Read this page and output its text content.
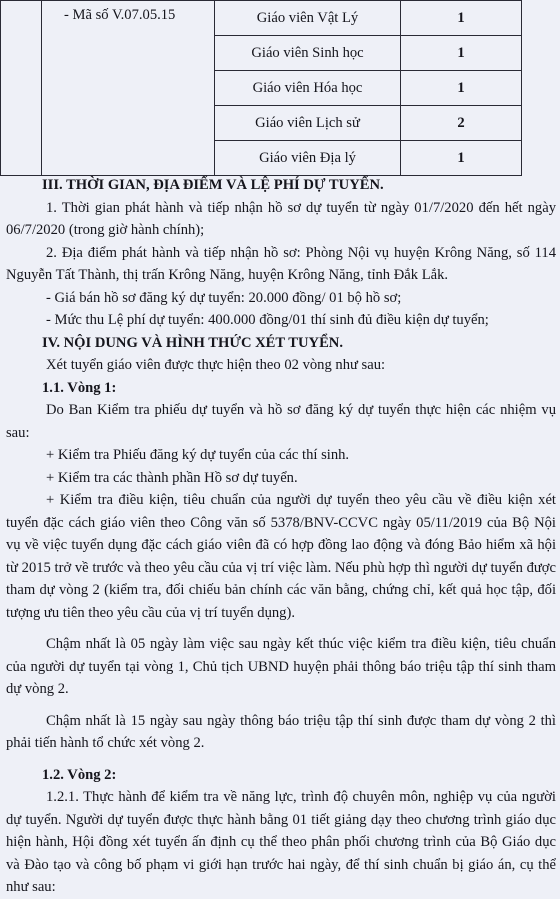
	- Mã số V.07.05.15	Giáo viên Vật Lý	1
		Giáo viên Sinh học	1
		Giáo viên Hóa học	1
		Giáo viên Lịch sử	2
		Giáo viên Địa lý	1

III. THỜI GIAN, ĐỊA ĐIỂM VÀ LỆ PHÍ DỰ TUYỂN.

1. Thời gian phát hành và tiếp nhận hồ sơ dự tuyển từ ngày 01/7/2020 đến hết ngày 06/7/2020 (trong giờ hành chính);

2. Địa điểm phát hành và tiếp nhận hồ sơ: Phòng Nội vụ huyện Krông Năng, số 114 Nguyễn Tất Thành, thị trấn Krông Năng, huyện Krông Năng, tỉnh Đắk Lắk.

- Giá bán hồ sơ đăng ký dự tuyển: 20.000 đồng/ 01 bộ hồ sơ;

- Mức thu Lệ phí dự tuyển: 400.000 đồng/01 thí sinh đủ điều kiện dự tuyển;

IV. NỘI DUNG VÀ HÌNH THỨC XÉT TUYỂN.

Xét tuyển giáo viên được thực hiện theo 02 vòng như sau:

1.1. Vòng 1:

Do Ban Kiểm tra phiếu dự tuyển và hồ sơ đăng ký dự tuyển thực hiện các nhiệm vụ sau:

+ Kiểm tra Phiếu đăng ký dự tuyển của các thí sinh.

+ Kiểm tra các thành phần Hồ sơ dự tuyển.

+ Kiểm tra điều kiện, tiêu chuẩn của người dự tuyển theo yêu cầu về điều kiện xét tuyển đặc cách giáo viên theo Công văn số 5378/BNV-CCVC ngày 05/11/2019 của Bộ Nội vụ về việc tuyển dụng đặc cách giáo viên đã có hợp đồng lao động và đóng Bảo hiểm xã hội từ 2015 trở về trước và theo yêu cầu của vị trí việc làm. Nếu phù hợp thì người dự tuyển được tham dự vòng 2 (kiểm tra, đối chiếu bản chính các văn bằng, chứng chỉ, kết quả học tập, đối tượng ưu tiên theo yêu cầu của vị trí tuyển dụng).

Chậm nhất là 05 ngày làm việc sau ngày kết thúc việc kiểm tra điều kiện, tiêu chuẩn của người dự tuyển tại vòng 1, Chủ tịch UBND huyện phải thông báo triệu tập thí sinh tham dự vòng 2.

Chậm nhất là 15 ngày sau ngày thông báo triệu tập thí sinh được tham dự vòng 2 thì phải tiến hành tổ chức xét vòng 2.

1.2. Vòng 2:

1.2.1. Thực hành để kiểm tra về năng lực, trình độ chuyên môn, nghiệp vụ của người dự tuyển. Người dự tuyển được thực hành bằng 01 tiết giảng dạy theo chương trình giáo dục hiện hành, Hội đồng xét tuyển ấn định cụ thể theo phân phối chương trình của Bộ Giáo dục và Đào tạo và công bố phạm vi giới hạn trước hai ngày, để thí sinh chuẩn bị giáo án, cụ thể như sau:
